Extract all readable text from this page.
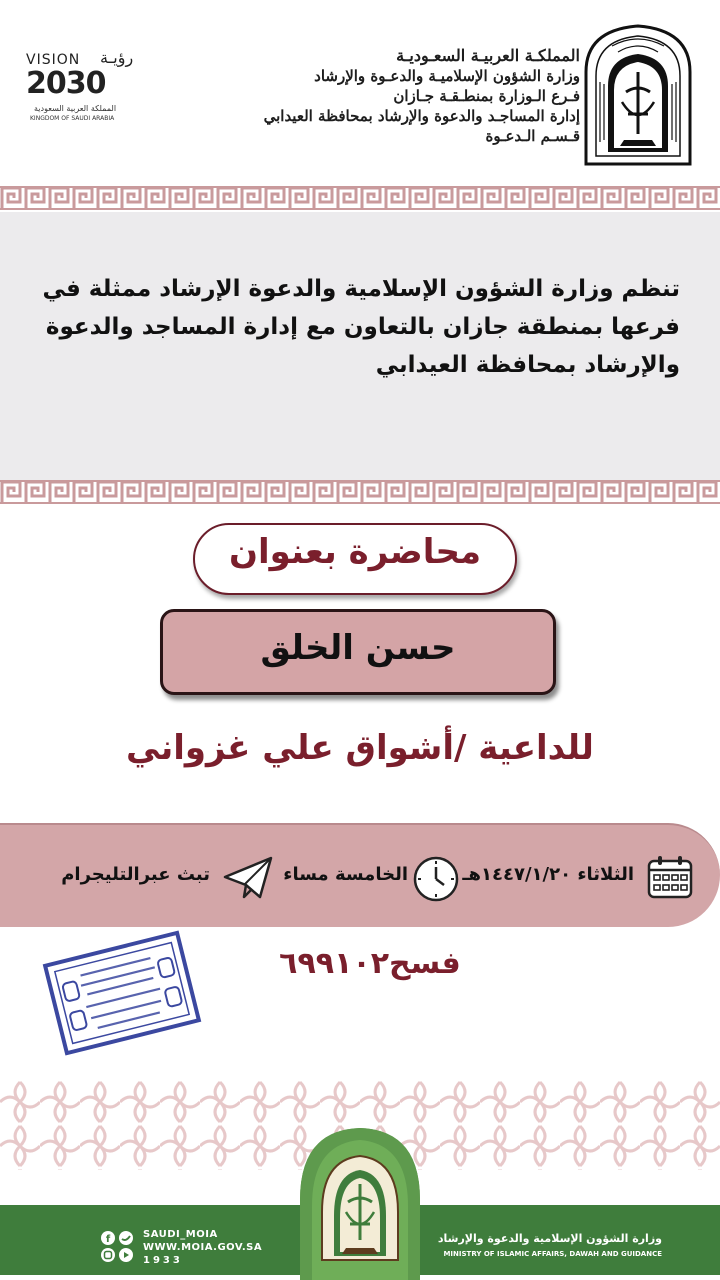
VISION رؤيـة
2030
المملكة العربية السعودية
KINGDOM OF SAUDI ARABIA
المملكـة العربيـة السعـوديـة
وزارة الشؤون الإسلاميـة والدعـوة والإرشاد
فـرع الـوزارة بمنطـقـة جـازان
إدارة المساجـد والدعوة والإرشاد بمحافظة العيدابي
قـسـم الـدعـوة
تنظم وزارة الشؤون الإسلامية والدعوة الإرشاد ممثلة في فرعها بمنطقة جازان بالتعاون مع إدارة المساجد والدعوة والإرشاد بمحافظة العيدابي
محاضرة بعنوان
حسن الخلق
للداعية /أشواق علي غزواني
الثلاثاء ١٤٤٧/١/٢٠هـ
الخامسة مساء
تبث عبرالتليجرام
فسح٦٩٩١٠٢
وزارة الشؤون الإسلامية والدعوة والإرشاد
MINISTRY OF ISLAMIC AFFAIRS, DAWAH AND GUIDANCE
f	SAUDI_MOIA
WWW.MOIA.GOV.SA
1933
